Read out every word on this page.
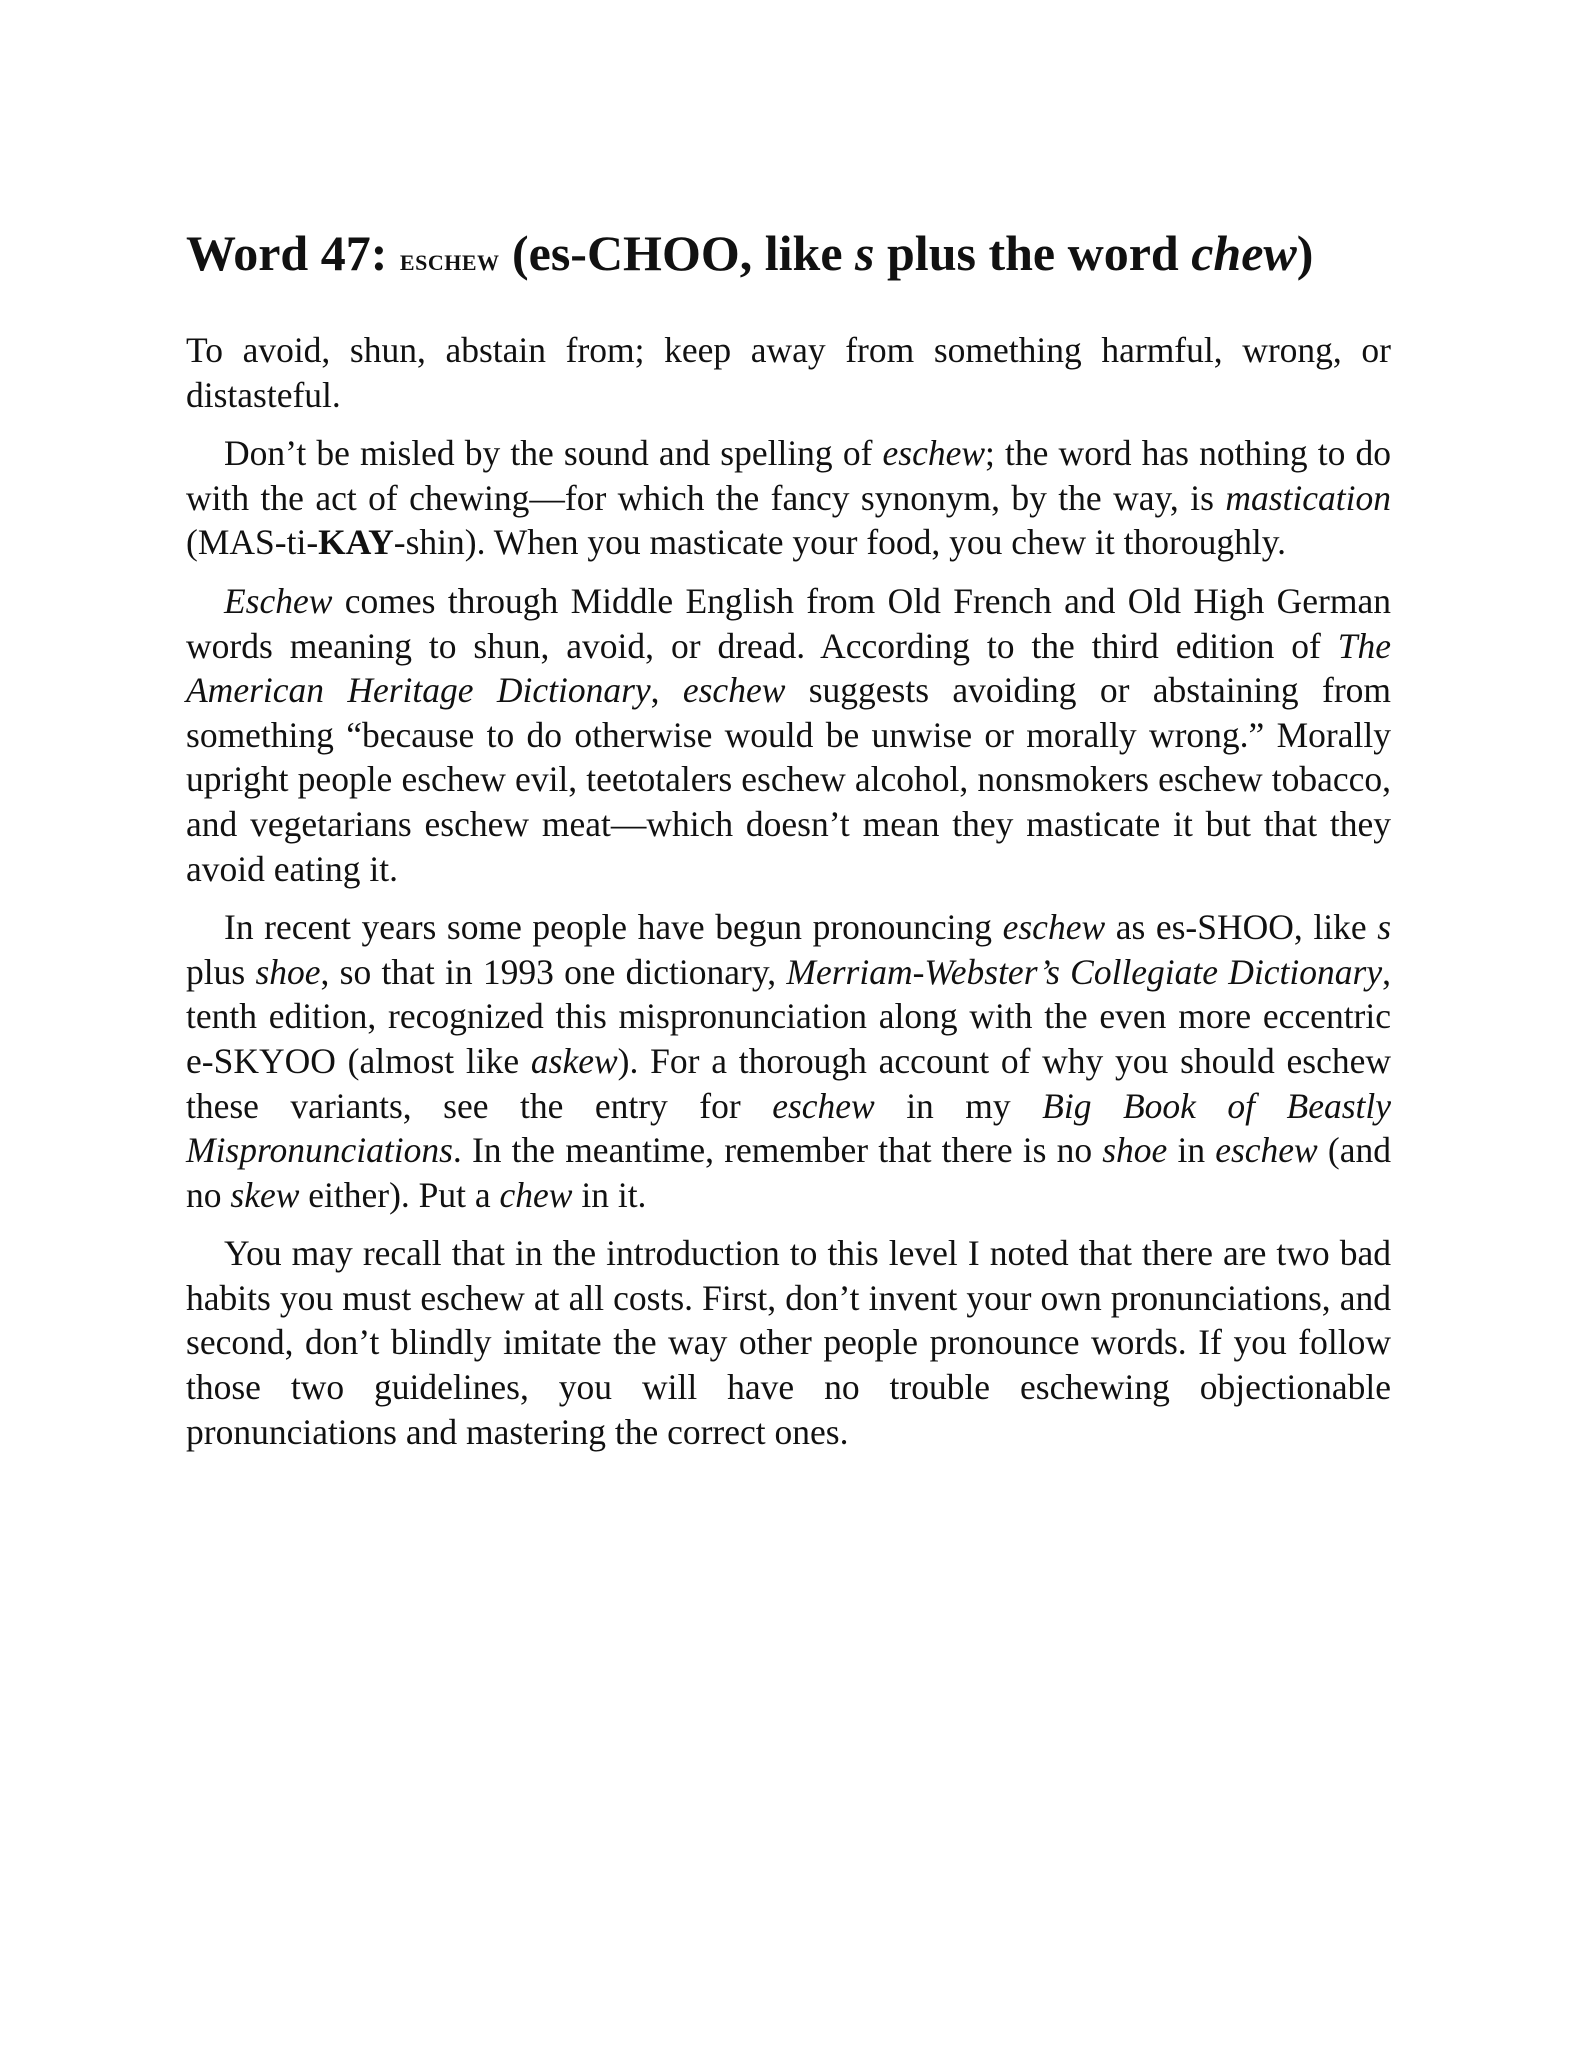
Word 47: ESCHEW (es-CHOO, like s plus the word chew)

To avoid, shun, abstain from; keep away from something harmful, wrong, or distasteful.

Don’t be misled by the sound and spelling of eschew; the word has nothing to do with the act of chewing—for which the fancy synonym, by the way, is mastication (MAS-ti-KAY-shin). When you masticate your food, you chew it thoroughly.

Eschew comes through Middle English from Old French and Old High German words meaning to shun, avoid, or dread. According to the third edition of The American Heritage Dictionary, eschew suggests avoiding or abstaining from something “because to do otherwise would be unwise or morally wrong.” Morally upright people eschew evil, teetotalers eschew alcohol, nonsmokers eschew tobacco, and vegetarians eschew meat—which doesn’t mean they masticate it but that they avoid eating it.

In recent years some people have begun pronouncing eschew as es-SHOO, like s plus shoe, so that in 1993 one dictionary, Merriam-Webster’s Collegiate Dictionary, tenth edition, recognized this mispronunciation along with the even more eccentric e-SKYOO (almost like askew). For a thorough account of why you should eschew these variants, see the entry for eschew in my Big Book of Beastly Mispronunciations. In the meantime, remember that there is no shoe in eschew (and no skew either). Put a chew in it.

You may recall that in the introduction to this level I noted that there are two bad habits you must eschew at all costs. First, don’t invent your own pronunciations, and second, don’t blindly imitate the way other people pronounce words. If you follow those two guidelines, you will have no trouble eschewing objectionable pronunciations and mastering the correct ones.
